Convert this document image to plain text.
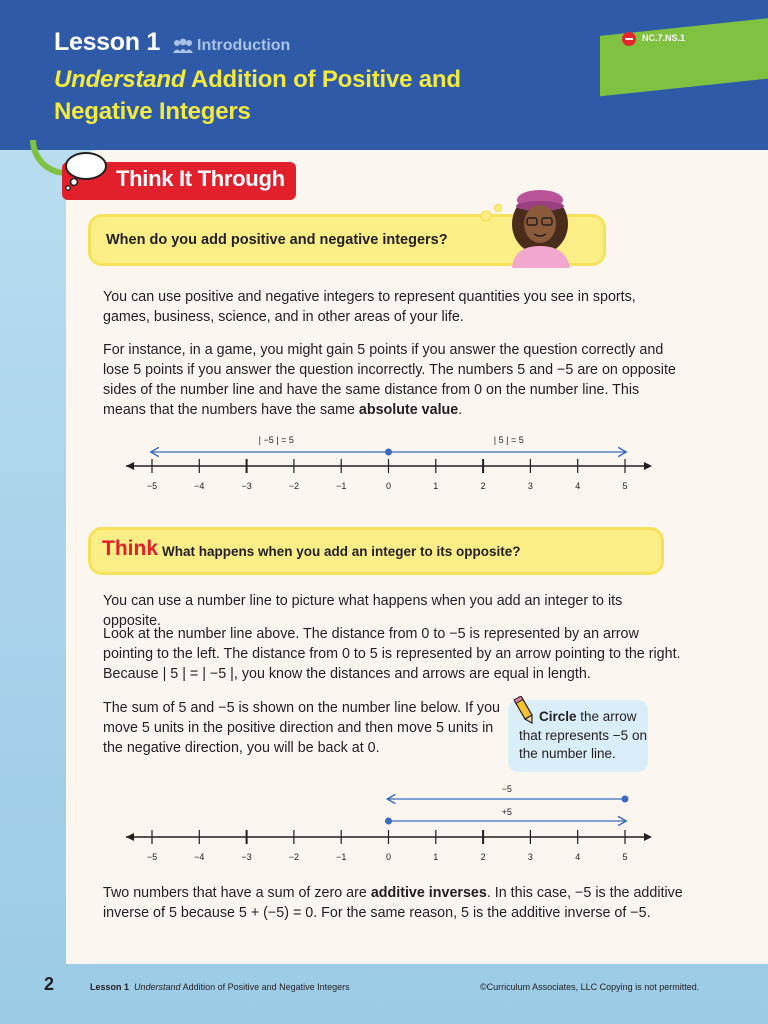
Lesson 1 Introduction
Understand Addition of Positive and
Negative Integers
NC.7.NS.1
Think It Through
When do you add positive and negative integers?
You can use positive and negative integers to represent quantities you see in sports, games, business, science, and in other areas of your life.
For instance, in a game, you might gain 5 points if you answer the question correctly and lose 5 points if you answer the question incorrectly. The numbers 5 and −5 are on opposite sides of the number line and have the same distance from 0 on the number line. This means that the numbers have the same absolute value.
−5	−4	−3	−2	−1	0	1	2	3	4	5
| −5 | = 5	| 5 | = 5
Think What happens when you add an integer to its opposite?
You can use a number line to picture what happens when you add an integer to its opposite.
Look at the number line above. The distance from 0 to −5 is represented by an arrow pointing to the left. The distance from 0 to 5 is represented by an arrow pointing to the right. Because | 5 | = | −5 |, you know the distances and arrows are equal in length.
The sum of 5 and −5 is shown on the number line below. If you move 5 units in the positive direction and then move 5 units in the negative direction, you will be back at 0.
Circle the arrow that represents −5 on the number line.
−5	−4	−3	−2	−1	0	1	2	3	4	5
−5
+5
Two numbers that have a sum of zero are additive inverses. In this case, −5 is the additive inverse of 5 because 5 + (−5) = 0. For the same reason, 5 is the additive inverse of −5.
2	Lesson 1 Understand Addition of Positive and Negative Integers	©Curriculum Associates, LLC Copying is not permitted.
